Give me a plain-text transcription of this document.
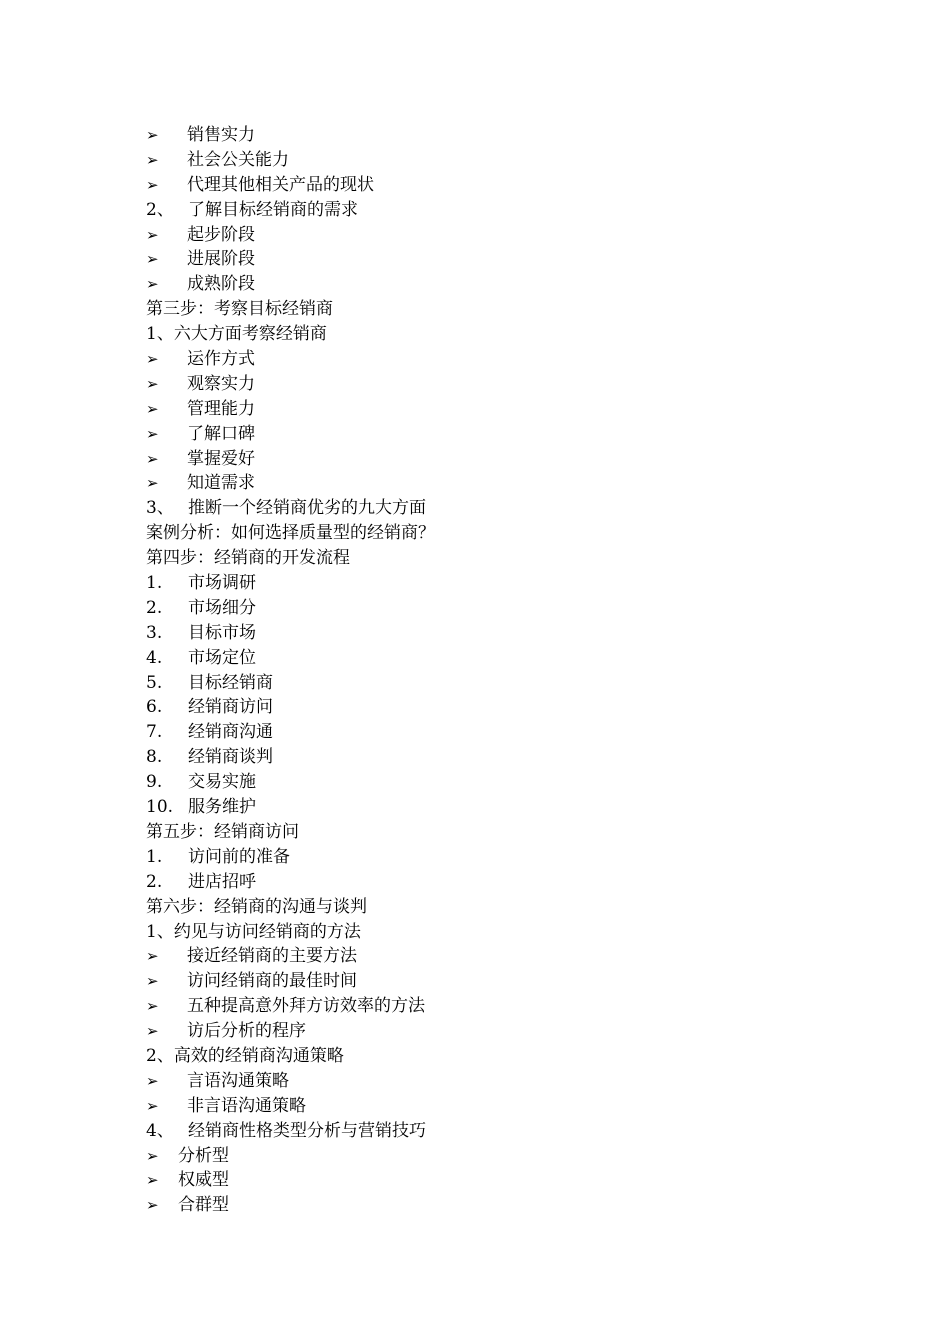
➢	销售实力
➢	社会公关能力
➢	代理其他相关产品的现状
2、 了解目标经销商的需求
➢	起步阶段
➢	进展阶段
➢	成熟阶段
第三步：考察目标经销商
1、六大方面考察经销商
➢	运作方式
➢	观察实力
➢	管理能力
➢	了解口碑
➢	掌握爱好
➢	知道需求
3、 推断一个经销商优劣的九大方面
案例分析：如何选择质量型的经销商？
第四步：经销商的开发流程
1.	市场调研
2.	市场细分
3.	目标市场
4.	市场定位
5.	目标经销商
6.	经销商访问
7.	经销商沟通
8.	经销商谈判
9.	交易实施
10. 服务维护
第五步：经销商访问
1.	访问前的准备
2.	进店招呼
第六步：经销商的沟通与谈判
1、约见与访问经销商的方法
➢	接近经销商的主要方法
➢	访问经销商的最佳时间
➢	五种提高意外拜方访效率的方法
➢	访后分析的程序
2、高效的经销商沟通策略
➢	言语沟通策略
➢	非言语沟通策略
4、 经销商性格类型分析与营销技巧
➢	分析型
➢	权威型
➢	合群型
